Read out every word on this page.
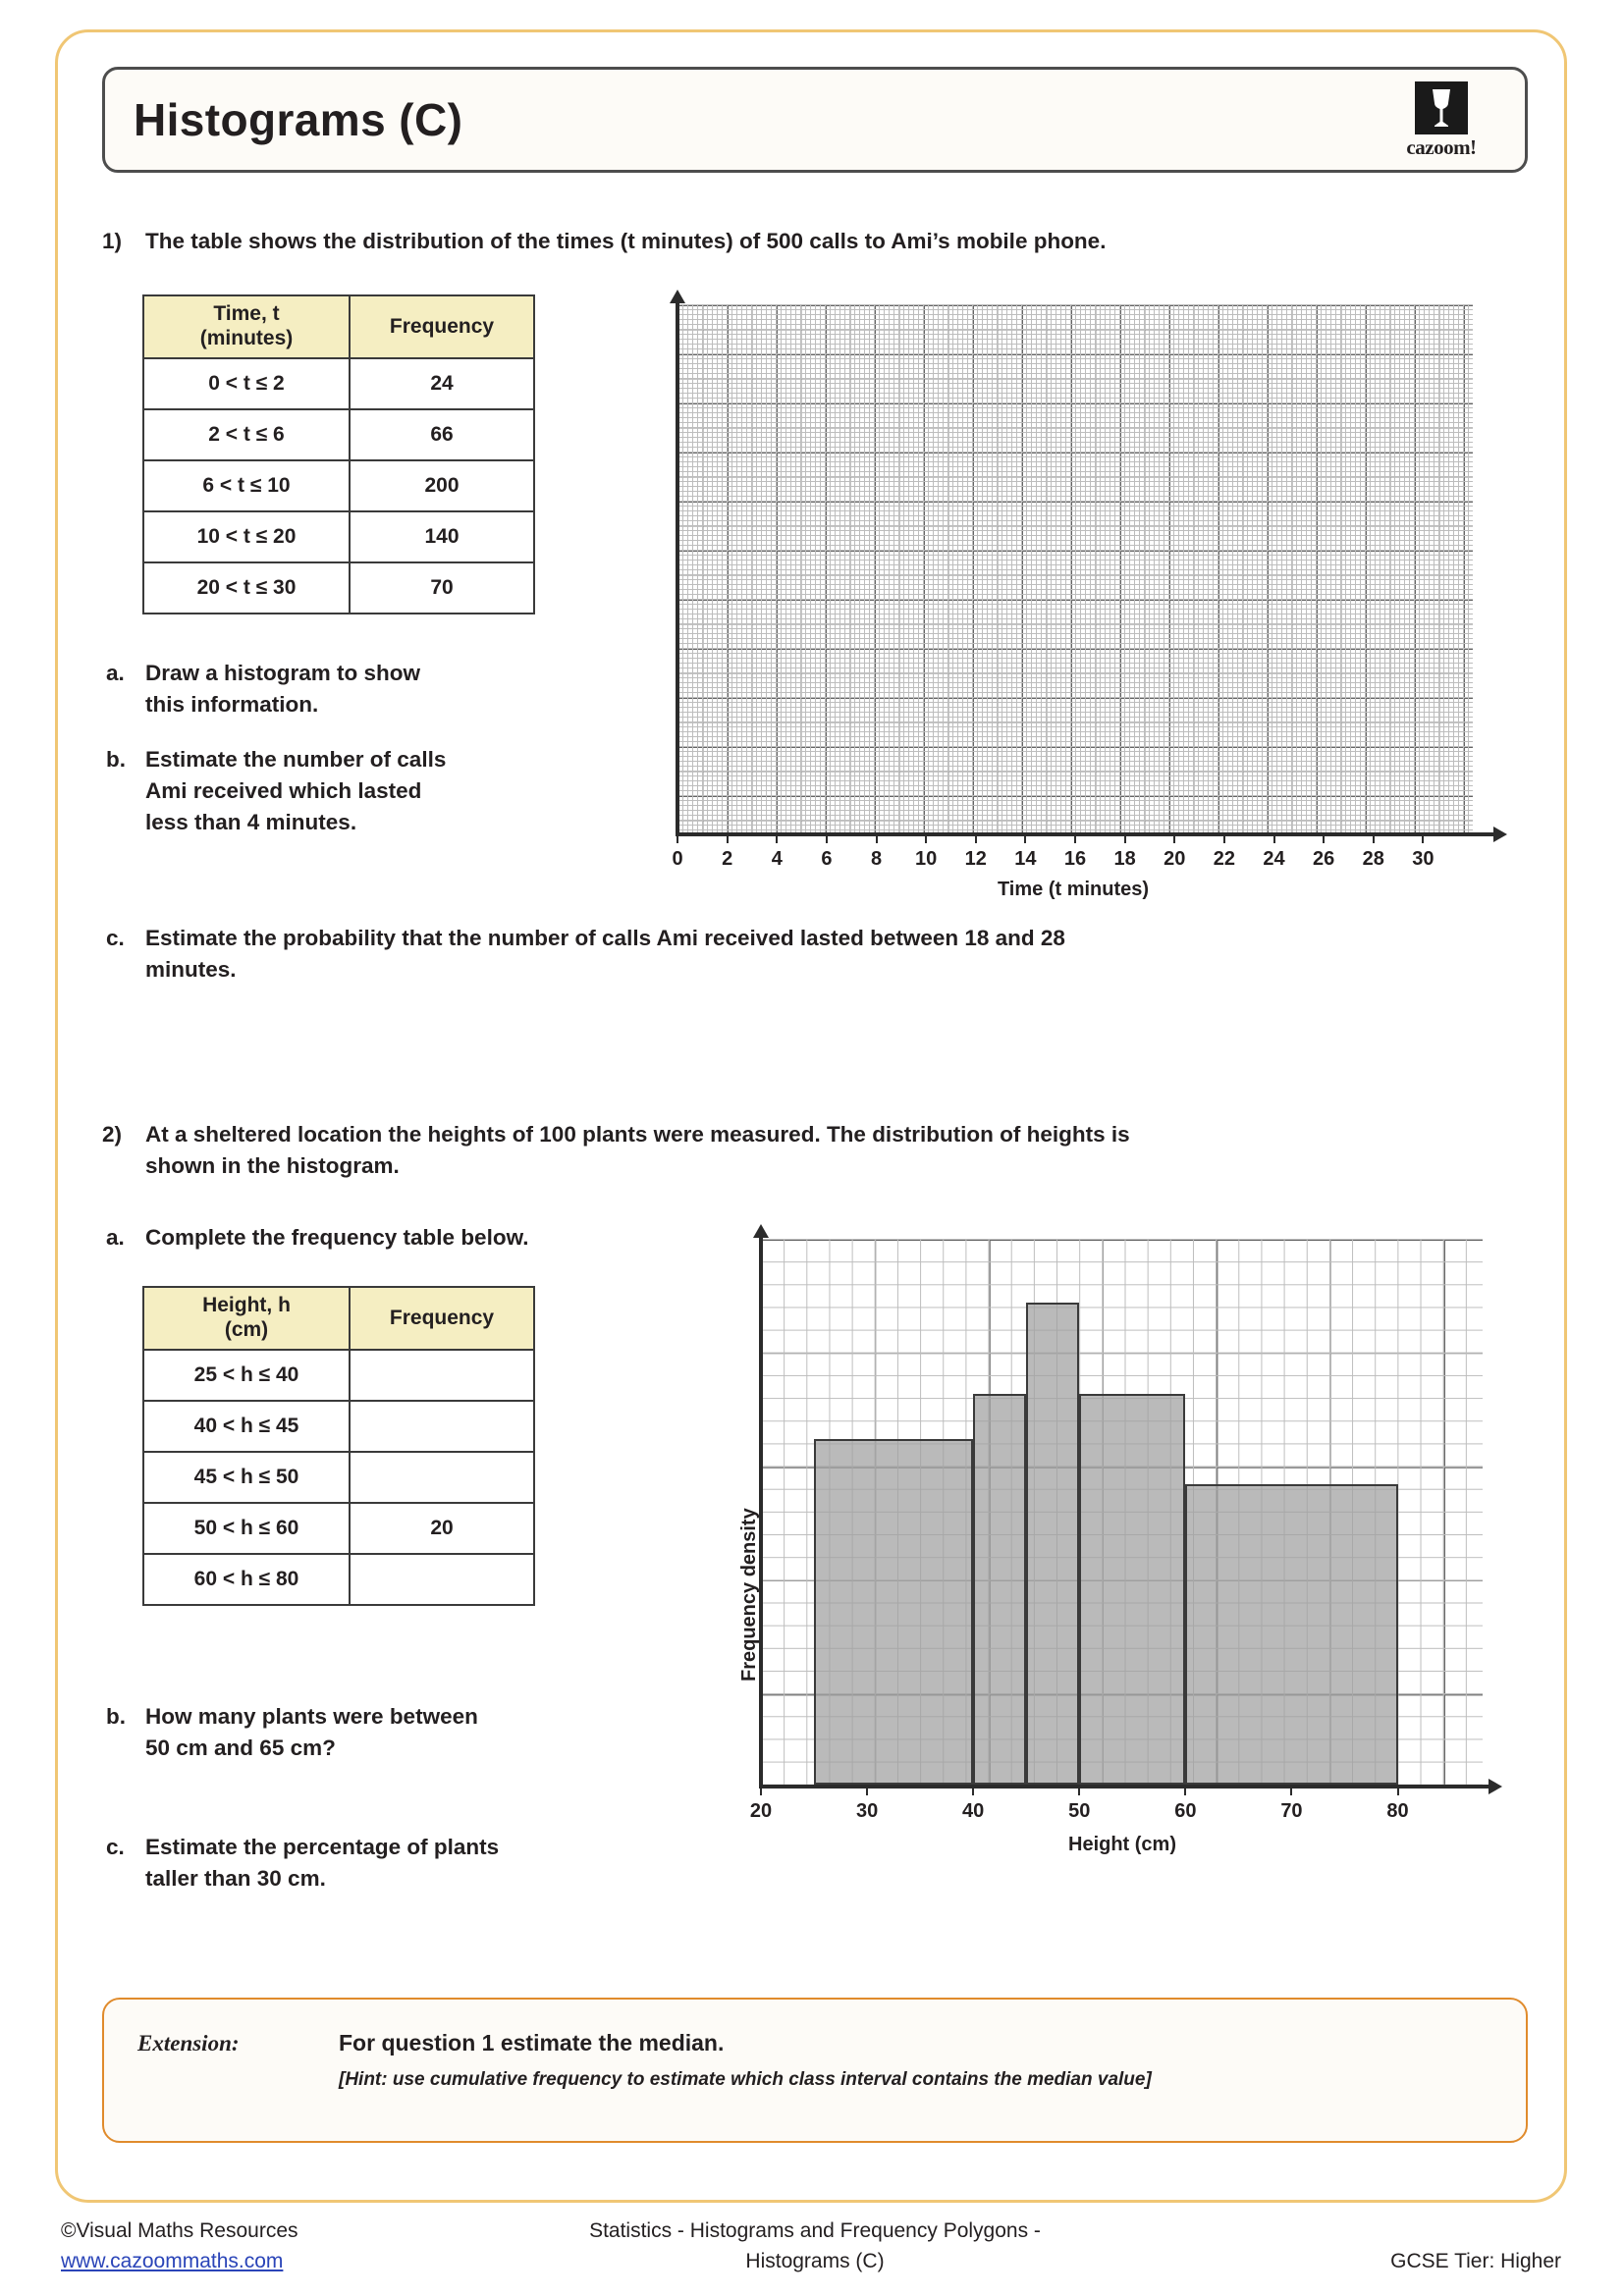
Histograms (C)
cazoom!
1) The table shows the distribution of the times (t minutes) of 500 calls to Ami’s mobile phone.
Time, t
(minutes)	Frequency
0 < t ≤ 2	24
2 < t ≤ 6	66
6 < t ≤ 10	200
10 < t ≤ 20	140
20 < t ≤ 30	70
a. Draw a histogram to show
this information.
b. Estimate the number of calls
Ami received which lasted
less than 4 minutes.
c. Estimate the probability that the number of calls Ami received lasted between 18 and 28
minutes.
0 2 4 6 8 10 12 14 16 18 20 22 24 26 28 30
Time (t minutes)
2) At a sheltered location the heights of 100 plants were measured. The distribution of heights is
shown in the histogram.
a. Complete the frequency table below.
Height, h
(cm)	Frequency
25 < h ≤ 40	
40 < h ≤ 45	
45 < h ≤ 50	
50 < h ≤ 60	20
60 < h ≤ 80	
b. How many plants were between
50 cm and 65 cm?
c. Estimate the percentage of plants
taller than 30 cm.
20	30	40	50	60	70	80
Frequency density
Height (cm)
Extension:	For question 1 estimate the median.
[Hint: use cumulative frequency to estimate which class interval contains the median value]
©Visual Maths Resources
www.cazoommaths.com
Statistics - Histograms and Frequency Polygons -
Histograms (C)	GCSE Tier: Higher
